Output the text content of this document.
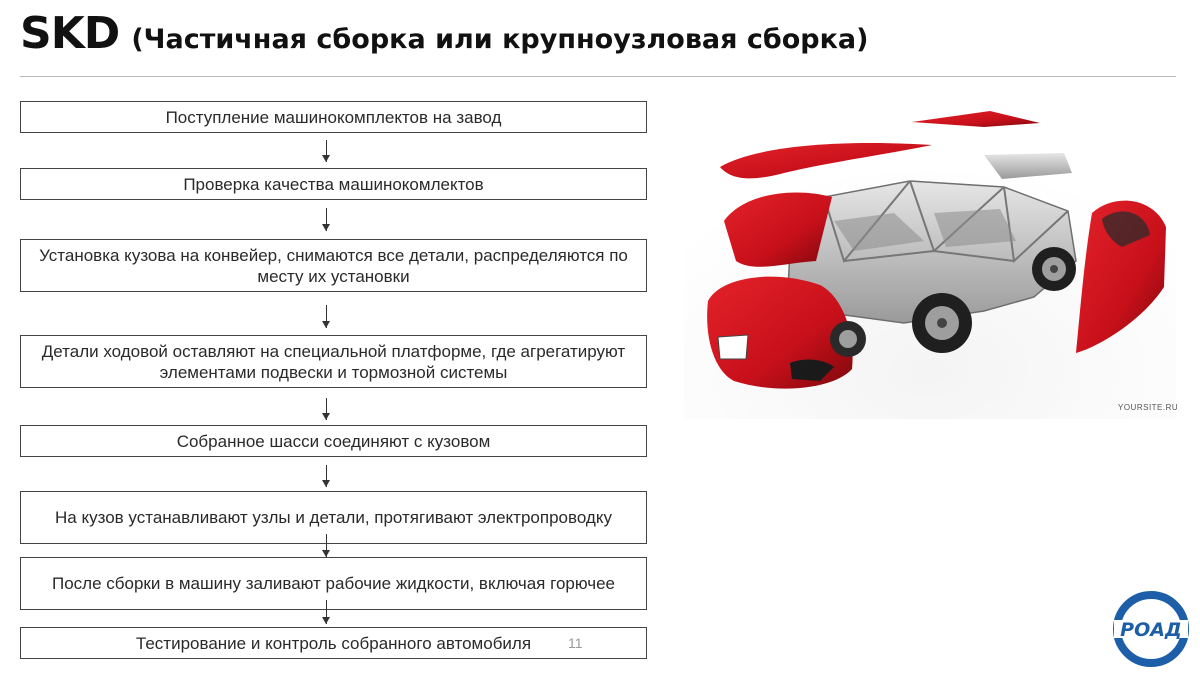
SKD (Частичная сборка или крупноузловая сборка)
Поступление машинокомплектов на завод
Проверка качества машинокомлектов
Установка кузова на конвейер, снимаются все детали, распределяются по месту их установки
Детали ходовой оставляют на специальной платформе, где агрегатируют элементами подвески и тормозной системы
Собранное шасси соединяют с кузовом
На кузов устанавливают узлы и детали, протягивают электропроводку
После сборки в машину заливают рабочие жидкости, включая горючее
Тестирование и контроль собранного автомобиля	11
YOURSITE.RU
РОАД
